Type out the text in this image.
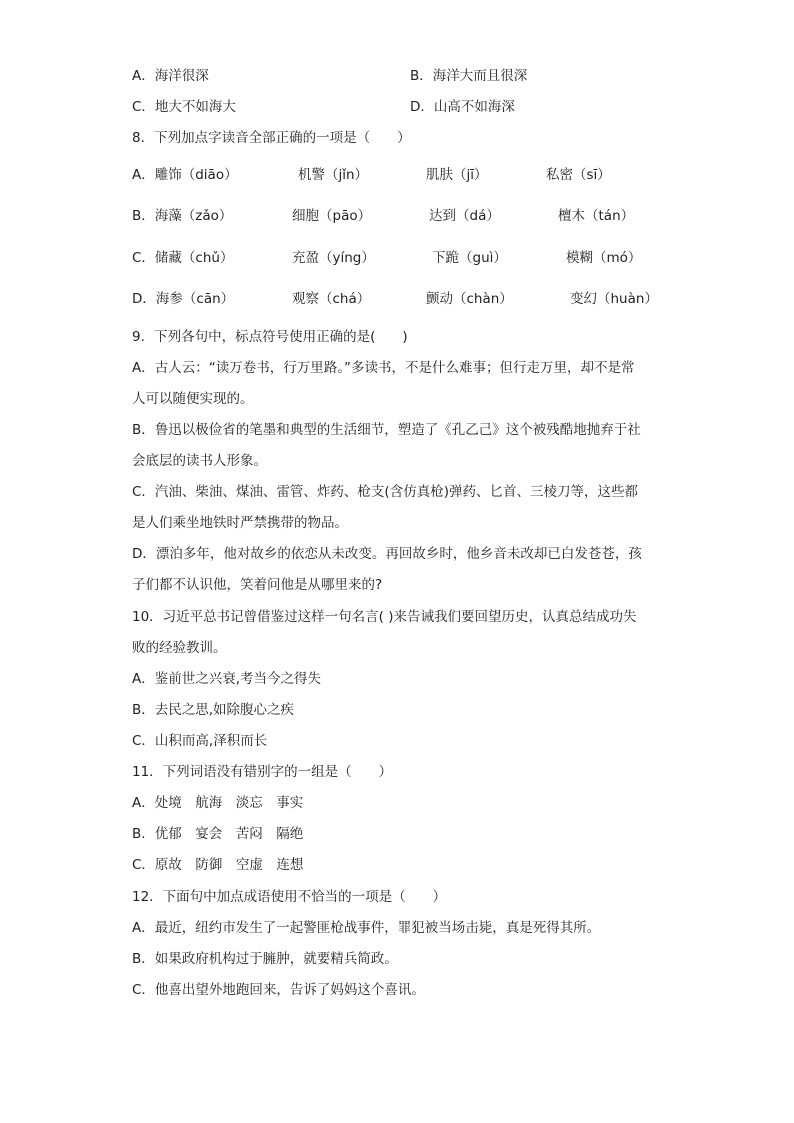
A．海洋很深	B．海洋大而且很深
C．地大不如海大	D．山高不如海深

8．下列加点字读音全部正确的一项是（　　）

A．雕饰（diāo）	机警（jǐn）	肌肤（jī）	私密（sī）
B．海藻（zǎo）	细胞（pāo）	达到（dá）	檀木（tán）
C．储藏（chǔ）	充盈（yíng）	下跪（guì）	模糊（mó）
D．海参（cān）	观察（chá）	颤动（chàn）	变幻（huàn）

9．下列各句中，标点符号使用正确的是(　　)

A．古人云：“读万卷书，行万里路。”多读书，不是什么难事；但行走万里，却不是常

人可以随便实现的。

B．鲁迅以极俭省的笔墨和典型的生活细节，塑造了《孔乙己》这个被残酷地抛弃于社

会底层的读书人形象。

C．汽油、柴油、煤油、雷管、炸药、枪支(含仿真枪)弹药、匕首、三棱刀等，这些都

是人们乘坐地铁时严禁携带的物品。

D．漂泊多年，他对故乡的依恋从未改变。再回故乡时，他乡音未改却已白发苍苍，孩

子们都不认识他，笑着问他是从哪里来的?

10．习近平总书记曾借鉴过这样一句名言( )来告诫我们要回望历史，认真总结成功失

败的经验教训。

A．鉴前世之兴衰,考当今之得失

B．去民之思,如除腹心之疾

C．山积而高,泽积而长

11．下列词语没有错别字的一组是（　　）

A．处境　航海　淡忘　事实

B．优郁　宴会　苦闷　隔绝

C．原故　防御　空虚　连想

12．下面句中加点成语使用不恰当的一项是（　　）

A．最近，纽约市发生了一起警匪枪战事件，罪犯被当场击毙，真是死得其所。

B．如果政府机构过于臃肿，就要精兵简政。

C．他喜出望外地跑回来，告诉了妈妈这个喜讯。
